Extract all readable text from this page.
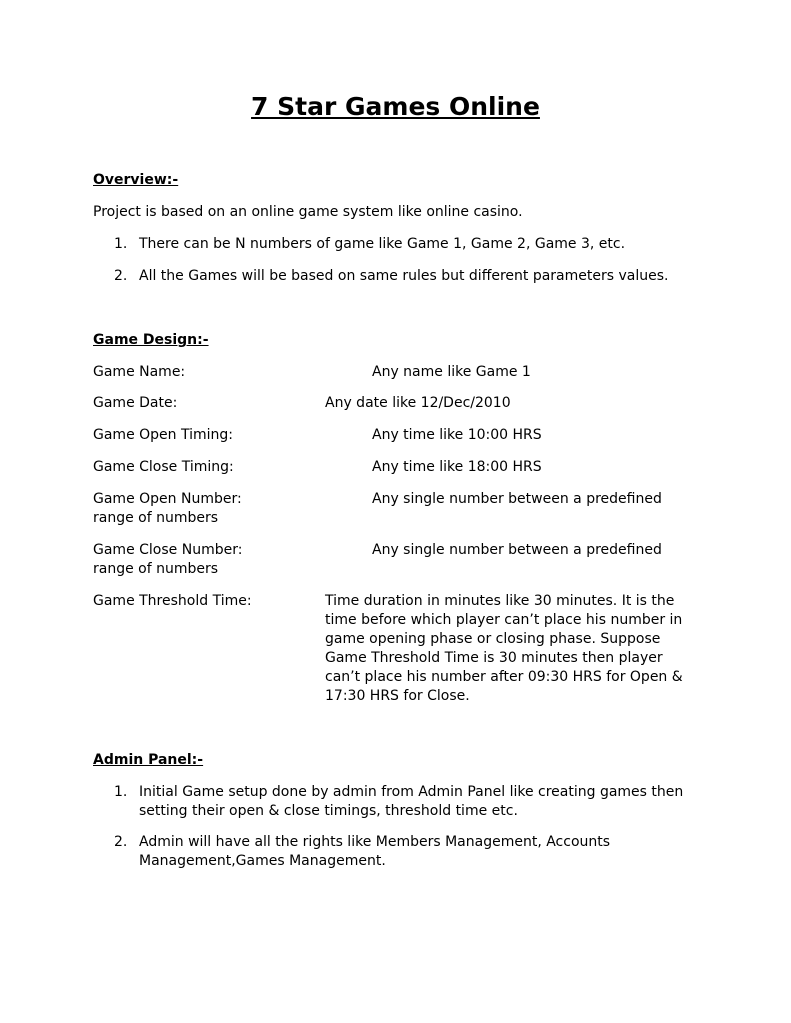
7 Star Games Online
Overview:-
Project is based on an online game system like online casino.
1. There can be N numbers of game like Game 1, Game 2, Game 3, etc.
2. All the Games will be based on same rules but different parameters values.
Game Design:-
Game Name:	Any name like Game 1
Game Date:	Any date like 12/Dec/2010
Game Open Timing:	Any time like 10:00 HRS
Game Close Timing:	Any time like 18:00 HRS
Game Open Number:	Any single number between a predefined
range of numbers
Game Close Number:	Any single number between a predefined
range of numbers
Game Threshold Time:	Time duration in minutes like 30 minutes. It is the
time before which player can’t place his number in
game opening phase or closing phase. Suppose
Game Threshold Time is 30 minutes then player
can’t place his number after 09:30 HRS for Open &
17:30 HRS for Close.
Admin Panel:-
1. Initial Game setup done by admin from Admin Panel like creating games then
setting their open & close timings, threshold time etc.
2. Admin will have all the rights like Members Management, Accounts
Management,Games Management.
